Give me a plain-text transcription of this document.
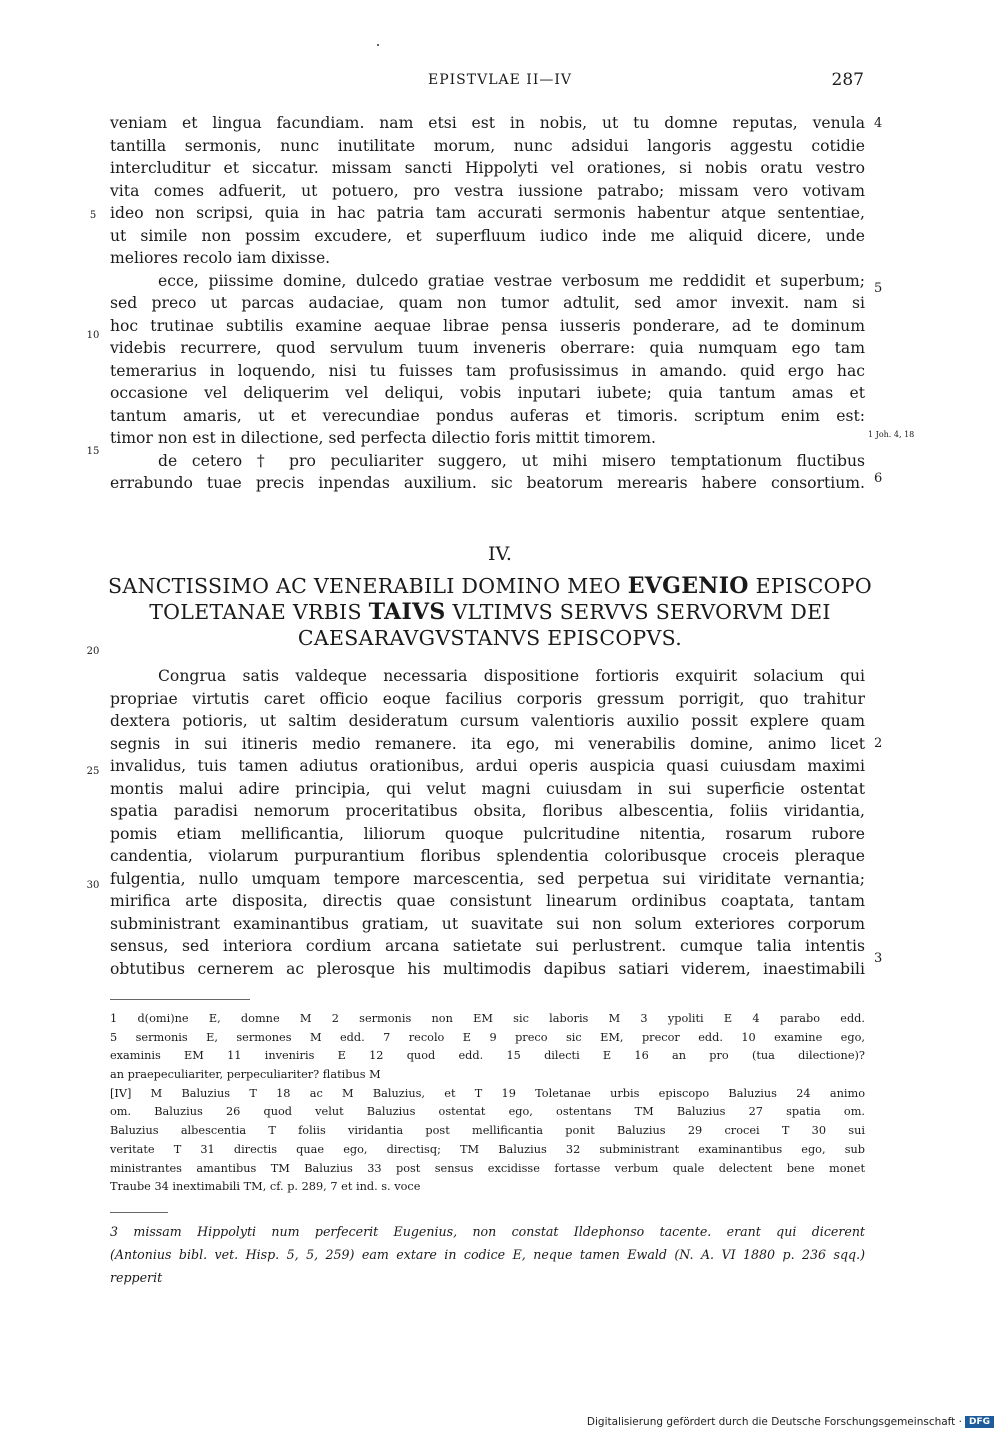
EPISTVLAE II—IV	287
veniam et lingua facundiam. nam etsi est in nobis, ut tu domne reputas, venula
tantilla sermonis, nunc inutilitate morum, nunc adsidui langoris aggestu cotidie
intercluditur et siccatur. missam sancti Hippolyti vel orationes, si nobis oratu vestro
vita comes adfuerit, ut potuero, pro vestra iussione patrabo; missam vero votivam
ideo non scripsi, quia in hac patria tam accurati sermonis habentur atque sententiae,
ut simile non possim excudere, et superfluum iudico inde me aliquid dicere, unde
meliores recolo iam dixisse.
ecce, piissime domine, dulcedo gratiae vestrae verbosum me reddidit et superbum;
sed preco ut parcas audaciae, quam non tumor adtulit, sed amor invexit. nam si
hoc trutinae subtilis examine aequae librae pensa iusseris ponderare, ad te dominum
videbis recurrere, quod servulum tuum inveneris oberrare: quia numquam ego tam
temerarius in loquendo, nisi tu fuisses tam profusissimus in amando. quid ergo hac
occasione vel deliquerim vel deliqui, vobis inputari iubete; quia tantum amas et
tantum amaris, ut et verecundiae pondus auferas et timoris. scriptum enim est:
timor non est in dilectione, sed perfecta dilectio foris mittit timorem.
de cetero † pro peculiariter suggero, ut mihi misero temptationum fluctibus
errabundo tuae precis inpendas auxilium. sic beatorum merearis habere consortium.
5
10
15
4
5
6
1 Joh. 4, 18
IV.
SANCTISSIMO AC VENERABILI DOMINO MEO EVGENIO EPISCOPO
TOLETANAE VRBIS TAIVS VLTIMVS SERVVS SERVORVM DEI
CAESARAVGVSTANVS EPISCOPVS.
20
Congrua satis valdeque necessaria dispositione fortioris exquirit solacium qui
propriae virtutis caret officio eoque facilius corporis gressum porrigit, quo trahitur
dextera potioris, ut saltim desideratum cursum valentioris auxilio possit explere quam
segnis in sui itineris medio remanere. ita ego, mi venerabilis domine, animo licet
invalidus, tuis tamen adiutus orationibus, ardui operis auspicia quasi cuiusdam maximi
montis malui adire principia, qui velut magni cuiusdam in sui superficie ostentat
spatia paradisi nemorum proceritatibus obsita, floribus albescentia, foliis viridantia,
pomis etiam mellificantia, liliorum quoque pulcritudine nitentia, rosarum rubore
candentia, violarum purpurantium floribus splendentia coloribusque croceis pleraque
fulgentia, nullo umquam tempore marcescentia, sed perpetua sui viriditate vernantia;
mirifica arte disposita, directis quae consistunt linearum ordinibus coaptata, tantam
subministrant examinantibus gratiam, ut suavitate sui non solum exteriores corporum
sensus, sed interiora cordium arcana satietate sui perlustrent. cumque talia intentis
obtutibus cernerem ac plerosque his multimodis dapibus satiari viderem, inaestimabili
25
30
2
3
1 d(omi)ne E, domne M 2 sermonis non EM sic laboris M 3 ypoliti E 4 parabo edd.
5 sermonis E, sermones M edd. 7 recolo E 9 preco sic EM, precor edd. 10 examine ego,
examinis EM 11 inveniris E 12 quod edd. 15 dilecti E 16 an pro (tua dilectione)?
an praepeculiariter, perpeculiariter? flatibus M
[IV] M Baluzius T 18 ac M Baluzius, et T 19 Toletanae urbis episcopo Baluzius 24 animo
om. Baluzius 26 quod velut Baluzius ostentat ego, ostentans TM Baluzius 27 spatia om.
Baluzius albescentia T foliis viridantia post mellificantia ponit Baluzius 29 crocei T 30 sui
veritate T 31 directis quae ego, directisq; TM Baluzius 32 subministrant examinantibus ego, sub
ministrantes amantibus TM Baluzius 33 post sensus excidisse fortasse verbum quale delectent bene monet
Traube 34 inextimabili TM, cf. p. 289, 7 et ind. s. voce
3 missam Hippolyti num perfecerit Eugenius, non constat Ildephonso tacente. erant qui dicerent
(Antonius bibl. vet. Hisp. 5, 5, 259) eam extare in codice E, neque tamen Ewald (N. A. VI 1880 p. 236 sqq.)
repperit
Digitalisierung gefördert durch die Deutsche Forschungsgemeinschaft · DFG
